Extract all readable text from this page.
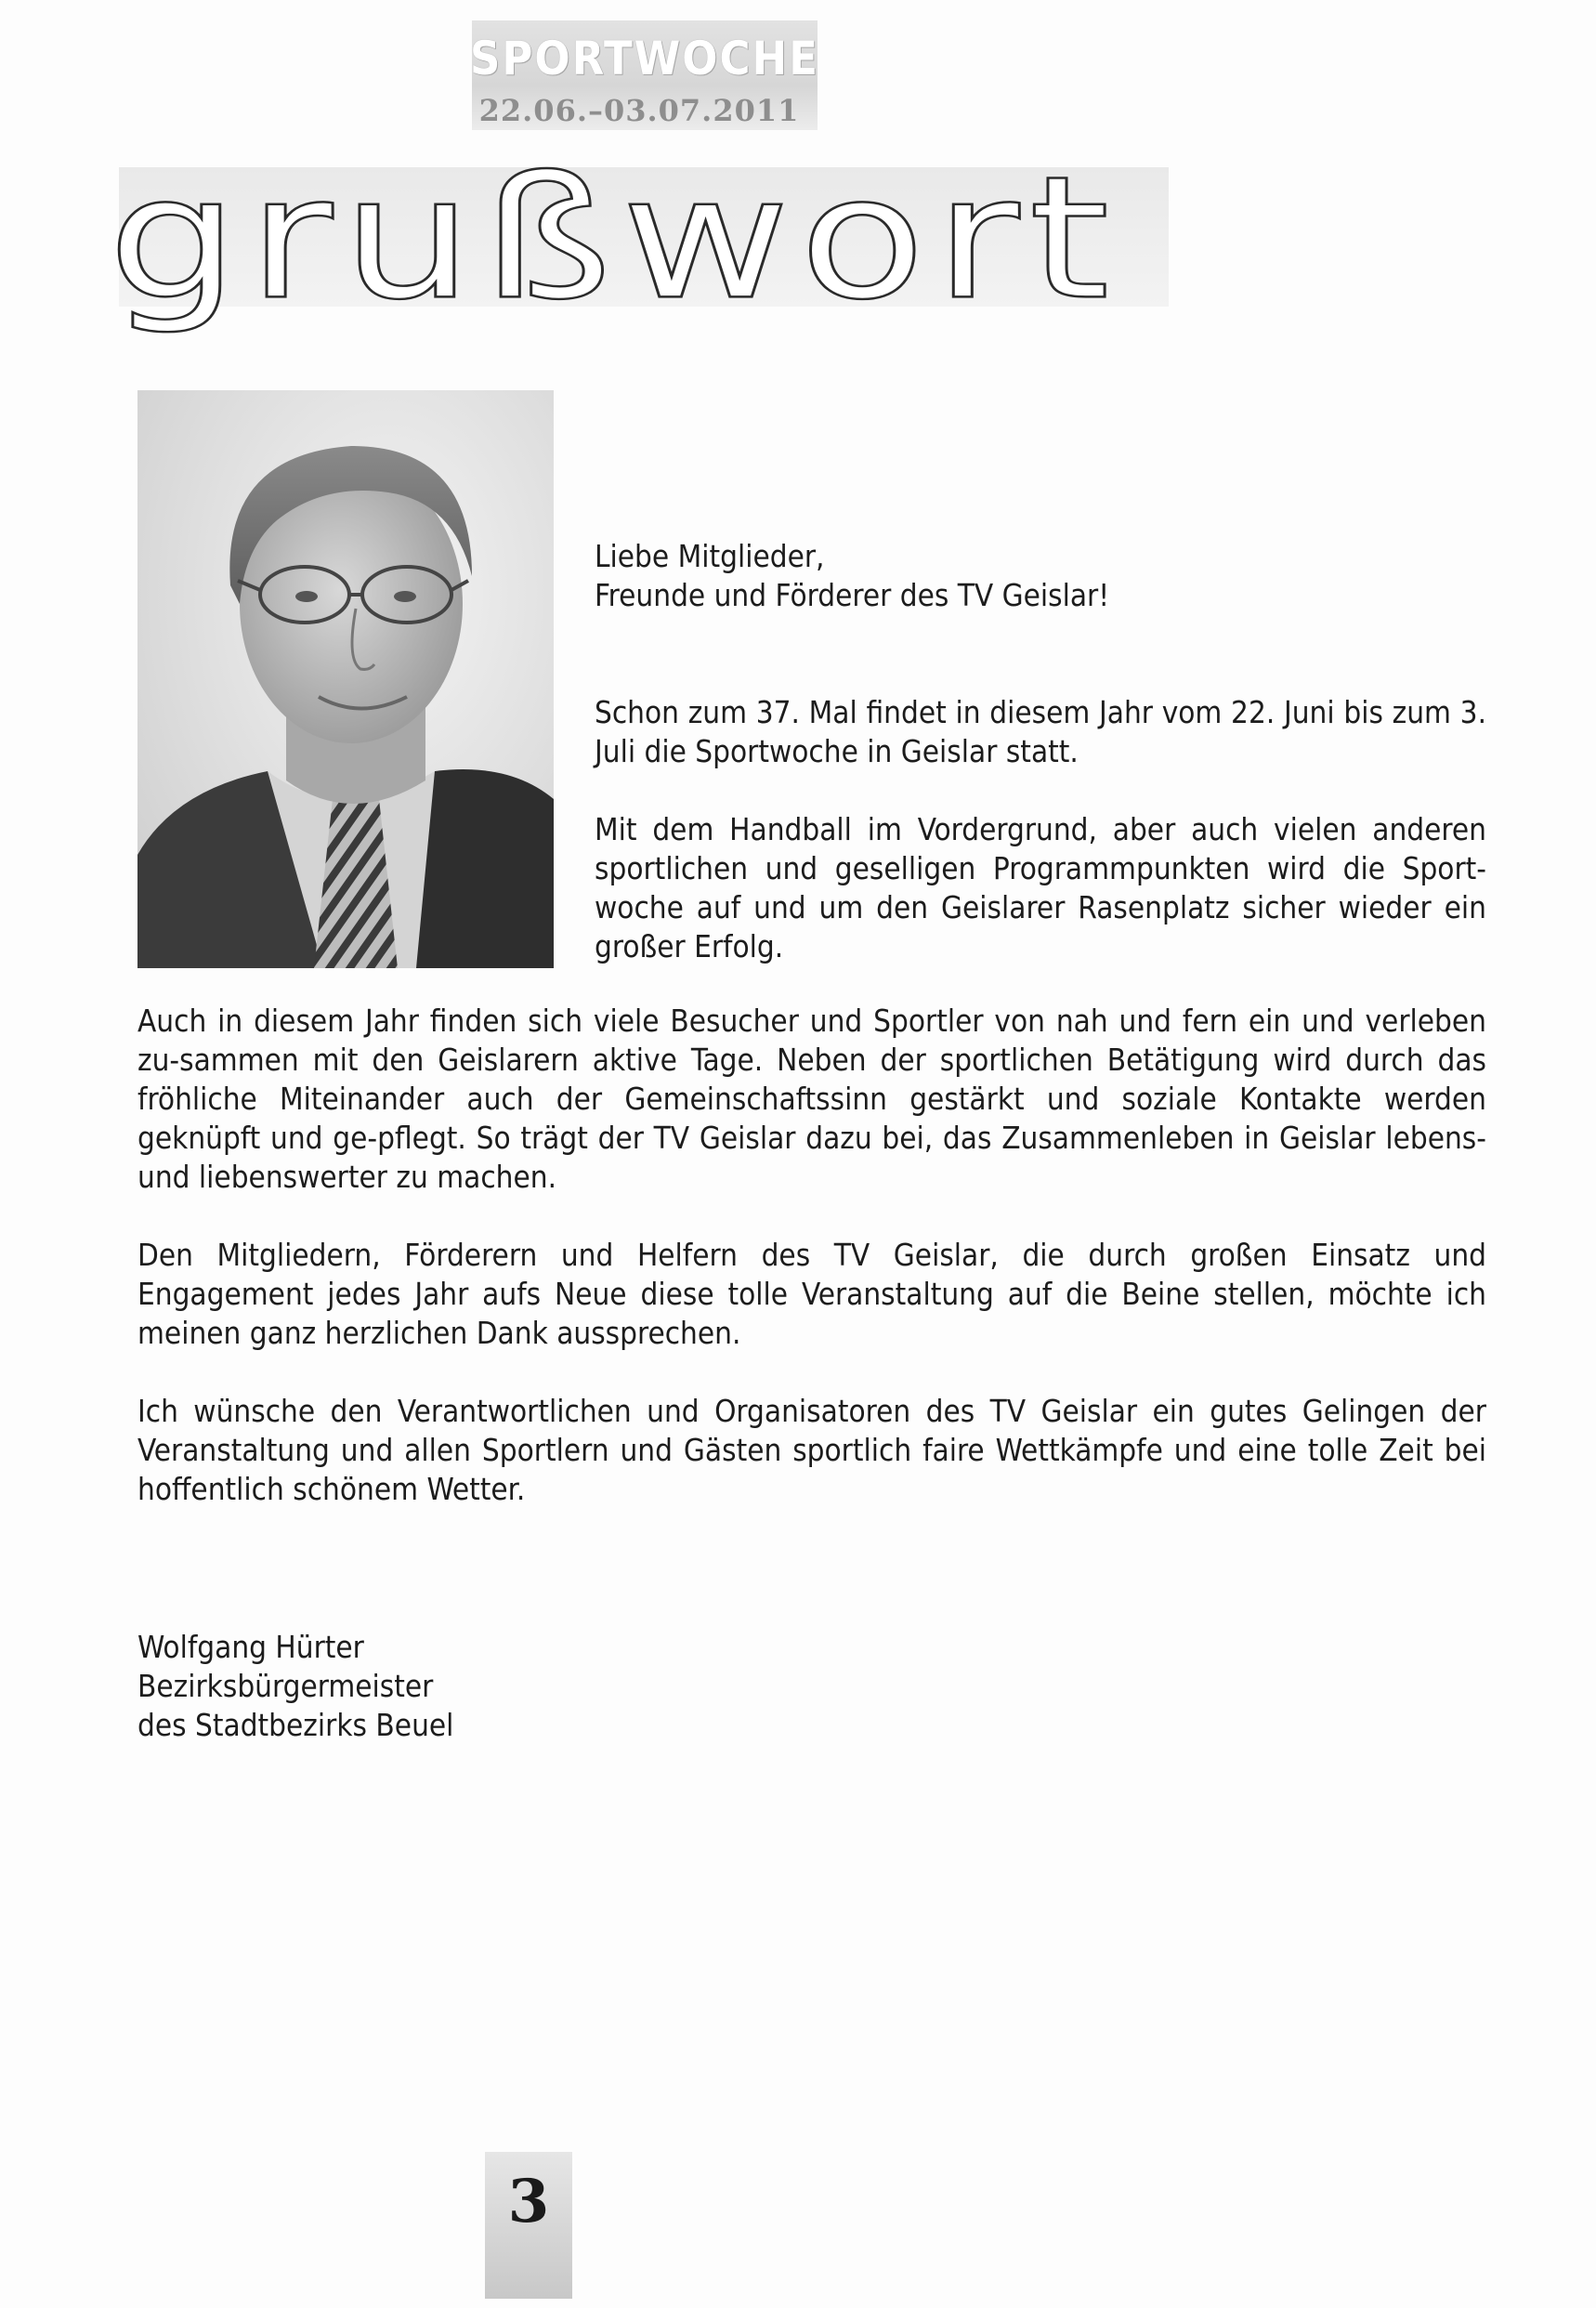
SPORTWOCHE
22.06.–03.07.2011
grußwort

Liebe Mitglieder,

Freunde und Förderer des TV Geislar!

Schon zum 37. Mal findet in diesem Jahr vom 22. Juni bis zum 3. Juli die Sportwoche in Geislar statt.

Mit dem Handball im Vordergrund, aber auch vielen anderen sportlichen und geselligen Programmpunkten wird die Sport-woche auf und um den Geislarer Rasenplatz sicher wieder ein großer Erfolg.

Auch in diesem Jahr finden sich viele Besucher und Sportler von nah und fern ein und verleben zu-sammen mit den Geislarern aktive Tage. Neben der sportlichen Betätigung wird durch das fröhliche Miteinander auch der Gemeinschaftssinn gestärkt und soziale Kontakte werden geknüpft und ge-pflegt. So trägt der TV Geislar dazu bei, das Zusammenleben in Geislar lebens- und liebenswerter zu machen.

Den Mitgliedern, Förderern und Helfern des TV Geislar, die durch großen Einsatz und Engagement jedes Jahr aufs Neue diese tolle Veranstaltung auf die Beine stellen, möchte ich meinen ganz herzlichen Dank aussprechen.

Ich wünsche den Verantwortlichen und Organisatoren des TV Geislar ein gutes Gelingen der Veranstaltung und allen Sportlern und Gästen sportlich faire Wettkämpfe und eine tolle Zeit bei hoffentlich schönem Wetter.

Wolfgang Hürter

Bezirksbürgermeister

des Stadtbezirks Beuel

3
